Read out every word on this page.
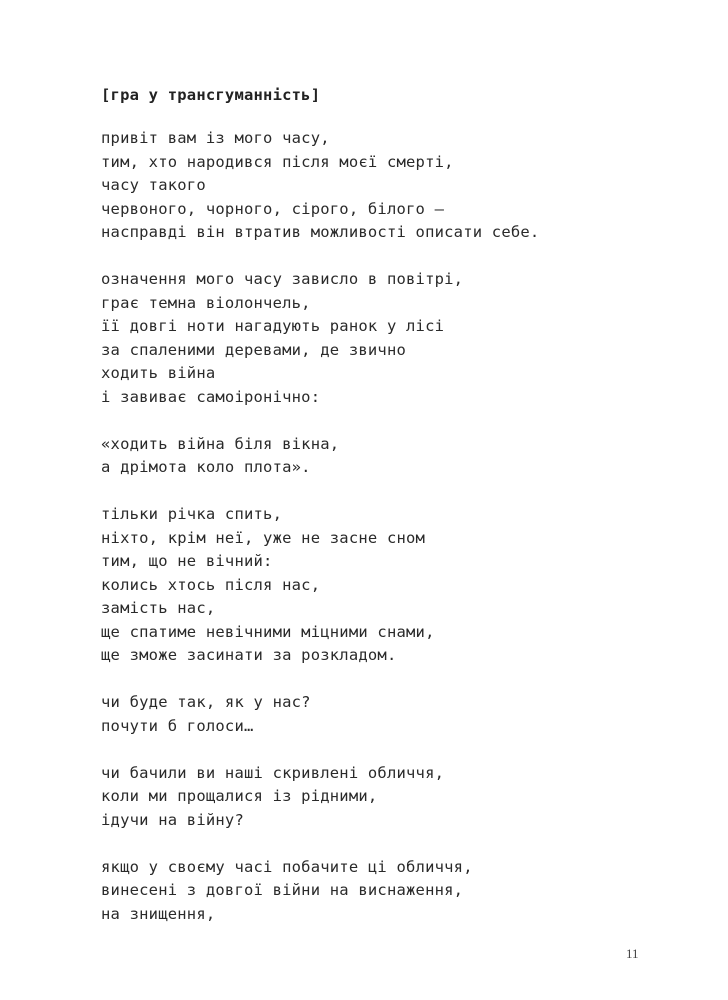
[гра у трансгуманність]
привіт вам із мого часу,
тим, хто народився після моєї смерті,
часу такого
червоного, чорного, сірого, білого —
насправді він втратив можливості описати себе.
означення мого часу зависло в повітрі,
грає темна віолончель,
її довгі ноти нагадують ранок у лісі
за спаленими деревами, де звично
ходить війна
і завиває самоіронічно:
«ходить війна біля вікна,
а дрімота коло плота».
тільки річка спить,
ніхто, крім неї, уже не засне сном
тим, що не вічний:
колись хтось після нас,
замість нас,
ще спатиме невічними міцними снами,
ще зможе засинати за розкладом.
чи буде так, як у нас?
почути б голоси…
чи бачили ви наші скривлені обличчя,
коли ми прощалися із рідними,
ідучи на війну?
якщо у своєму часі побачите ці обличчя,
винесені з довгої війни на виснаження,
на знищення,
11
